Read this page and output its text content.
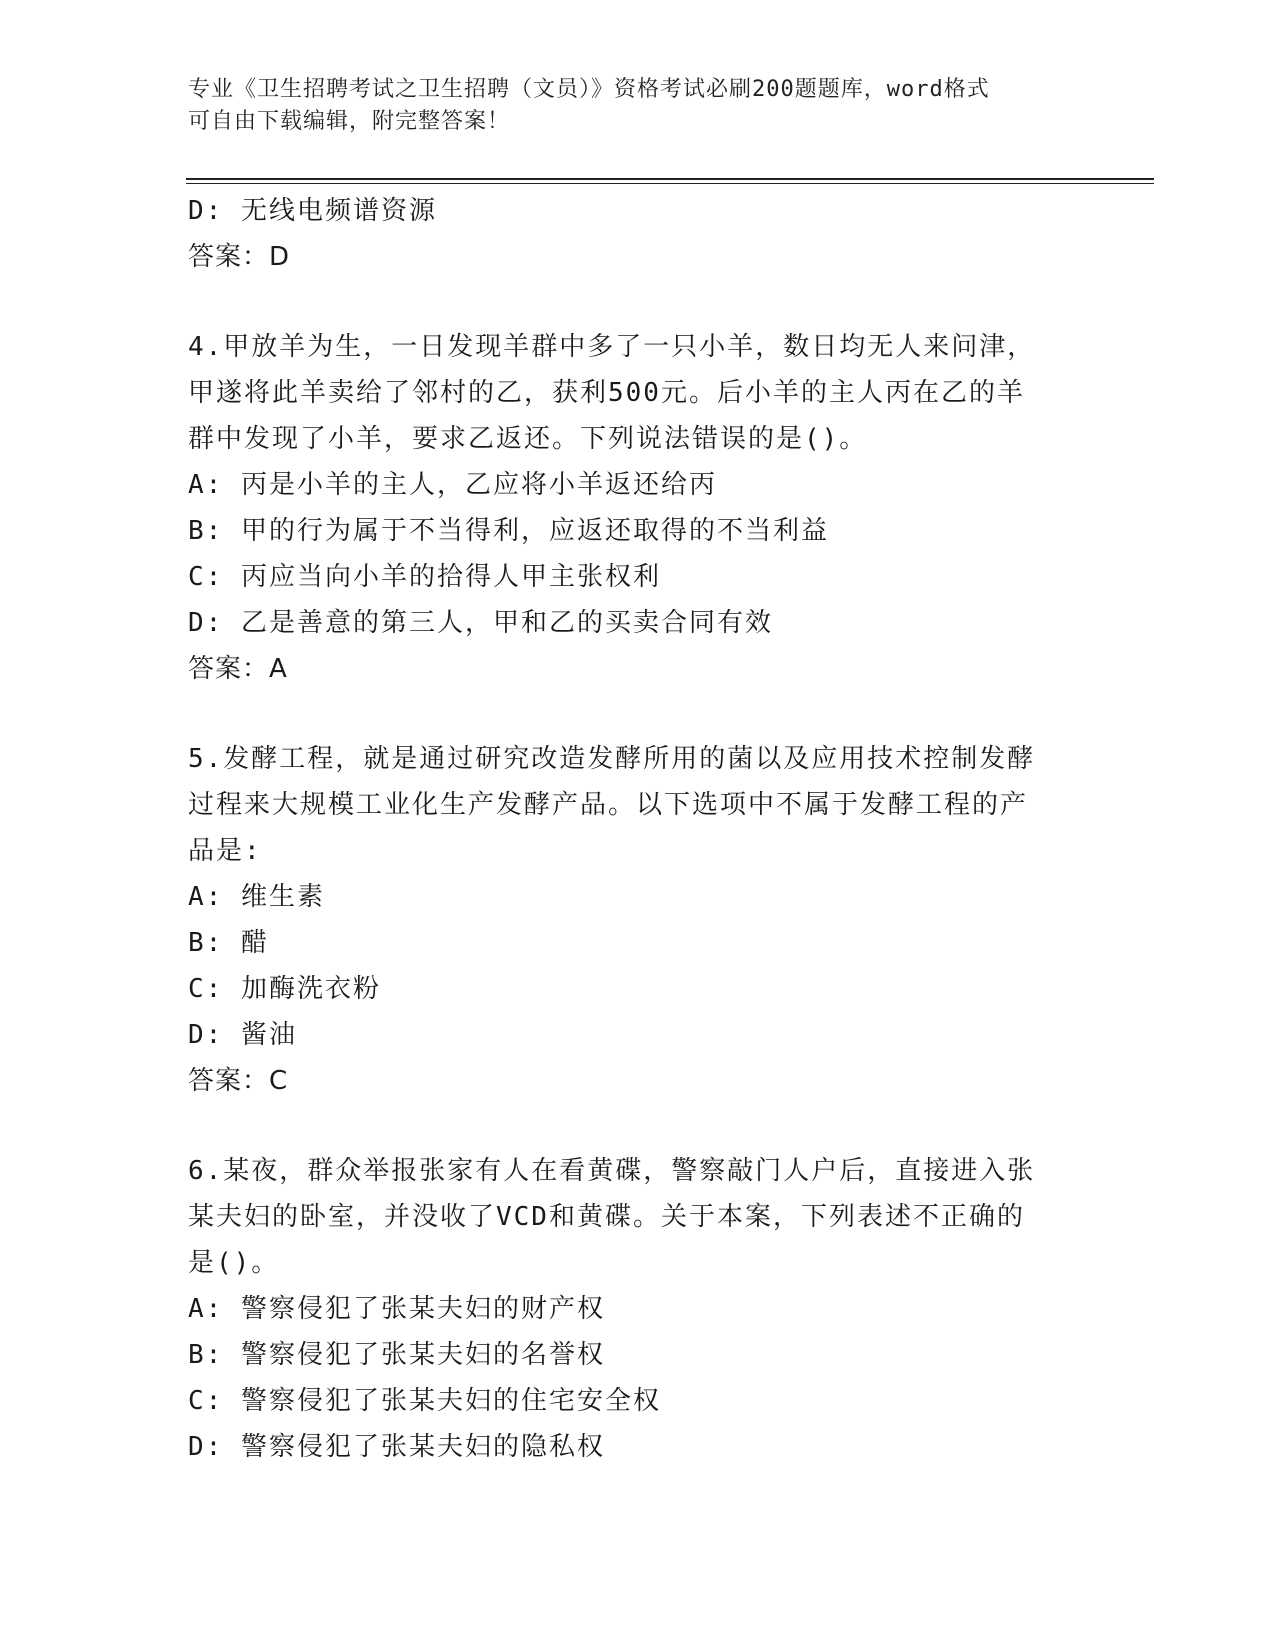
专业《卫生招聘考试之卫生招聘（文员）》资格考试必刷200题题库，word格式
可自由下载编辑，附完整答案！
D: 无线电频谱资源
答案：D
4.甲放羊为生，一日发现羊群中多了一只小羊，数日均无人来问津，
甲遂将此羊卖给了邻村的乙，获利500元。后小羊的主人丙在乙的羊
群中发现了小羊，要求乙返还。下列说法错误的是()。
A: 丙是小羊的主人，乙应将小羊返还给丙
B: 甲的行为属于不当得利，应返还取得的不当利益
C: 丙应当向小羊的拾得人甲主张权利
D: 乙是善意的第三人，甲和乙的买卖合同有效
答案：A
5.发酵工程，就是通过研究改造发酵所用的菌以及应用技术控制发酵
过程来大规模工业化生产发酵产品。以下选项中不属于发酵工程的产
品是:
A: 维生素
B: 醋
C: 加酶洗衣粉
D: 酱油
答案：C
6.某夜，群众举报张家有人在看黄碟，警察敲门人户后，直接进入张
某夫妇的卧室，并没收了VCD和黄碟。关于本案，下列表述不正确的
是()。
A: 警察侵犯了张某夫妇的财产权
B: 警察侵犯了张某夫妇的名誉权
C: 警察侵犯了张某夫妇的住宅安全权
D: 警察侵犯了张某夫妇的隐私权
